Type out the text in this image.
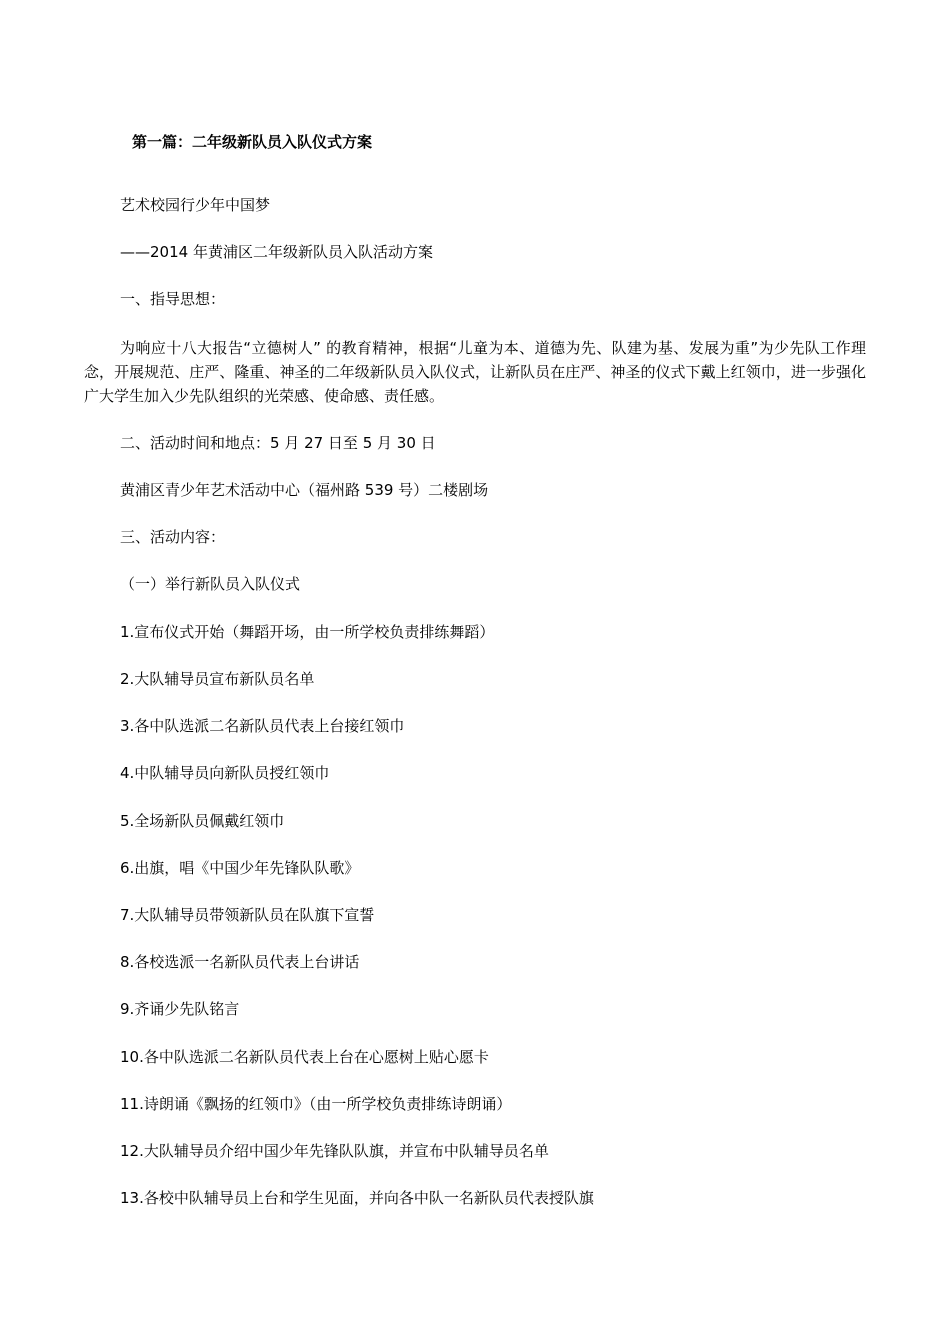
第一篇：二年级新队员入队仪式方案
艺术校园行少年中国梦
——2014 年黄浦区二年级新队员入队活动方案
一、指导思想：
为响应十八大报告“立德树人” 的教育精神，根据“儿童为本、道德为先、队建为基、发展为重”为少先队工作理念，开展规范、庄严、隆重、神圣的二年级新队员入队仪式，让新队员在庄严、神圣的仪式下戴上红领巾，进一步强化广大学生加入少先队组织的光荣感、使命感、责任感。
二、活动时间和地点：5 月 27 日至 5 月 30 日
黄浦区青少年艺术活动中心（福州路 539 号）二楼剧场
三、活动内容：
（一）举行新队员入队仪式
1.宣布仪式开始（舞蹈开场，由一所学校负责排练舞蹈）
2.大队辅导员宣布新队员名单
3.各中队选派二名新队员代表上台接红领巾
4.中队辅导员向新队员授红领巾
5.全场新队员佩戴红领巾
6.出旗，唱《中国少年先锋队队歌》
7.大队辅导员带领新队员在队旗下宣誓
8.各校选派一名新队员代表上台讲话
9.齐诵少先队铭言
10.各中队选派二名新队员代表上台在心愿树上贴心愿卡
11.诗朗诵《飘扬的红领巾》（由一所学校负责排练诗朗诵）
12.大队辅导员介绍中国少年先锋队队旗，并宣布中队辅导员名单
13.各校中队辅导员上台和学生见面，并向各中队一名新队员代表授队旗
